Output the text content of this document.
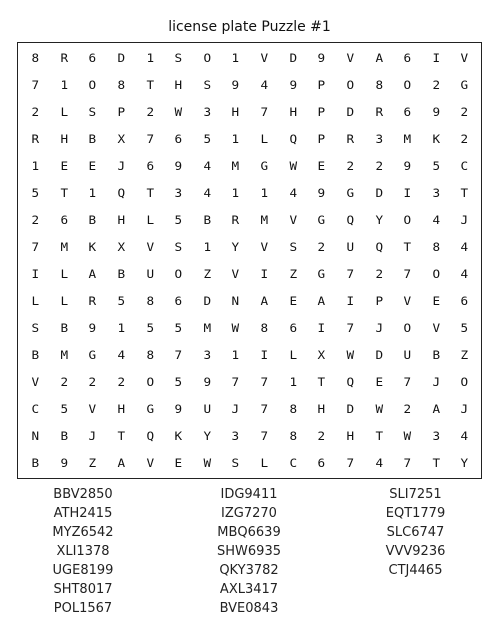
license plate Puzzle #1
8	R	6	D	1	S	O	1	V	D	9	V	A	6	I	V
7	1	O	8	T	H	S	9	4	9	P	O	8	O	2	G
2	L	S	P	2	W	3	H	7	H	P	D	R	6	9	2
R	H	B	X	7	6	5	1	L	Q	P	R	3	M	K	2
1	E	E	J	6	9	4	M	G	W	E	2	2	9	5	C
5	T	1	Q	T	3	4	1	1	4	9	G	D	I	3	T
2	6	B	H	L	5	B	R	M	V	G	Q	Y	O	4	J
7	M	K	X	V	S	1	Y	V	S	2	U	Q	T	8	4
I	L	A	B	U	O	Z	V	I	Z	G	7	2	7	O	4
L	L	R	5	8	6	D	N	A	E	A	I	P	V	E	6
S	B	9	1	5	5	M	W	8	6	I	7	J	O	V	5
B	M	G	4	8	7	3	1	I	L	X	W	D	U	B	Z
V	2	2	2	O	5	9	7	7	1	T	Q	E	7	J	O
C	5	V	H	G	9	U	J	7	8	H	D	W	2	A	J
N	B	J	T	Q	K	Y	3	7	8	2	H	T	W	3	4
B	9	Z	A	V	E	W	S	L	C	6	7	4	7	T	Y
BBV2850
ATH2415
MYZ6542
XLI1378
UGE8199
SHT8017
POL1567
IDG9411
IZG7270
MBQ6639
SHW6935
QKY3782
AXL3417
BVE0843
SLI7251
EQT1779
SLC6747
VVV9236
CTJ4465
